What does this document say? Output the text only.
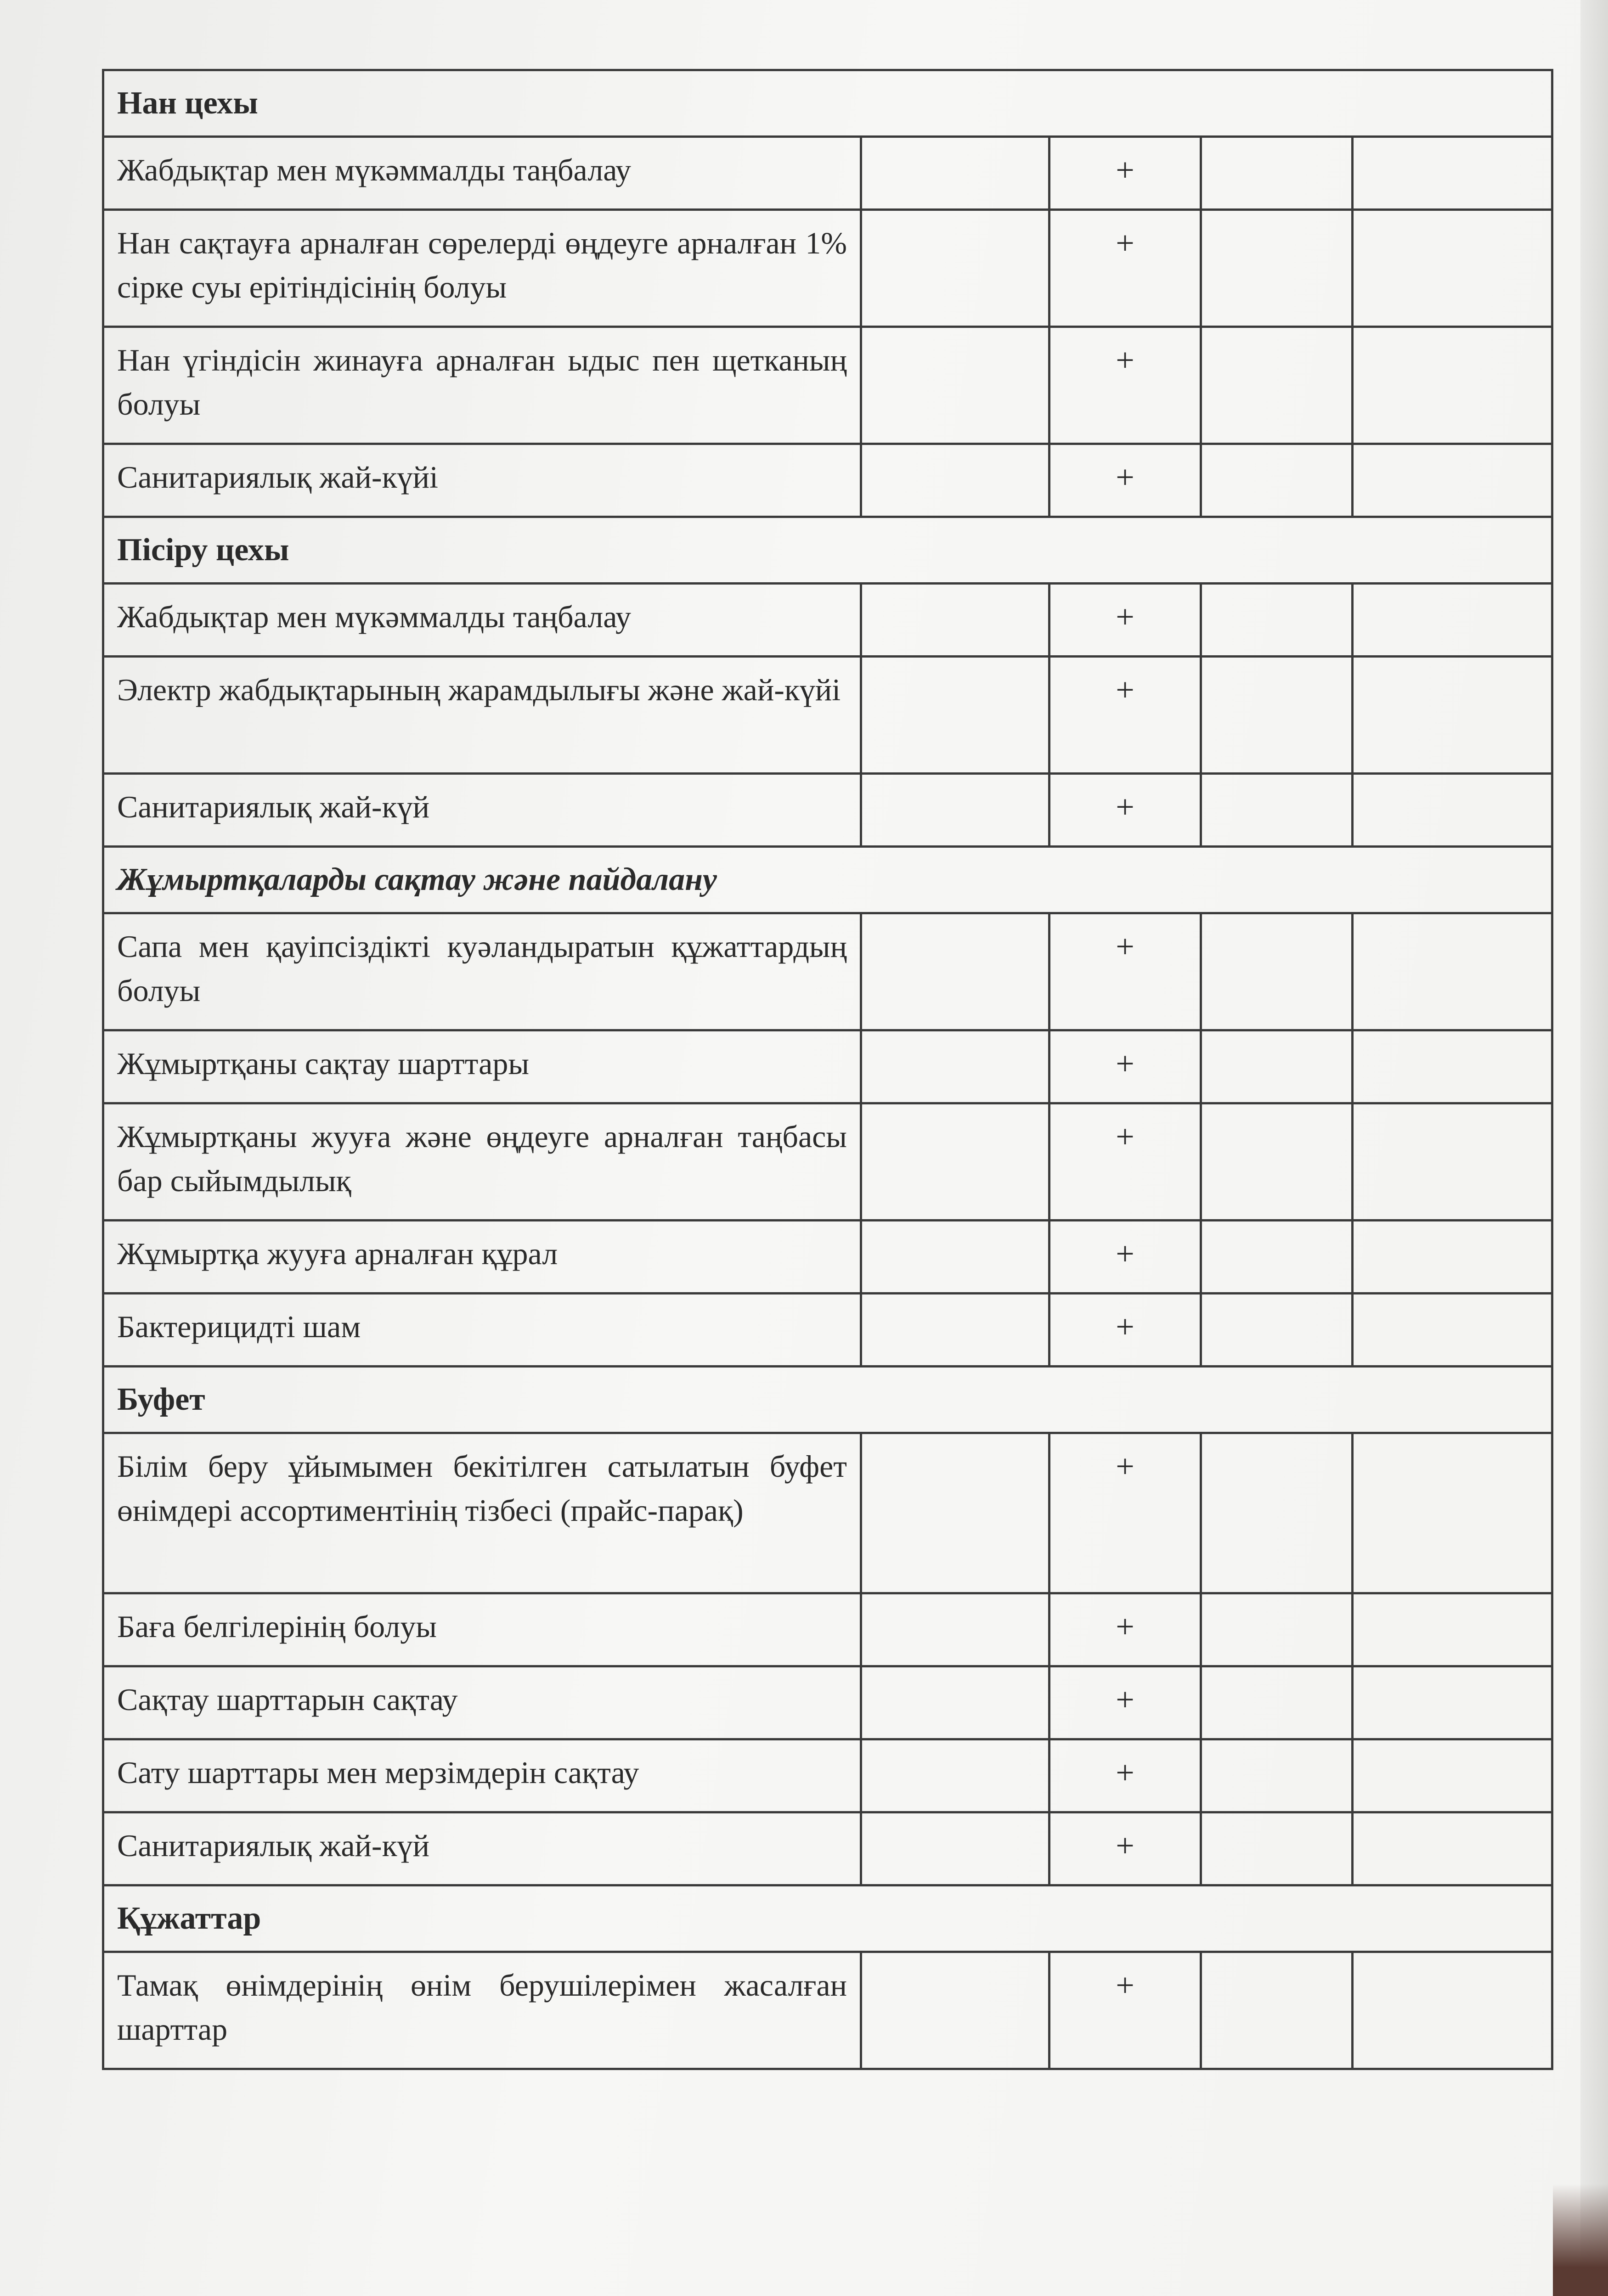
Нан цехы				
Жабдықтар мен мүкәммалды таңбалау		+		
Нан сақтауға арналған сөрелерді өңдеуге арналған 1% сірке суы ерітіндісінің болуы		+		
Нан үгіндісін жинауға арналған ыдыс пен щетканың болуы		+		
Санитариялық жай-күйі		+		
Пісіру цехы				
Жабдықтар мен мүкәммалды таңбалау		+		
Электр жабдықтарының жарамдылығы және жай-күйі		+		
Санитариялық жай-күй		+		
Жұмыртқаларды сақтау және пайдалану				
Сапа мен қауіпсіздікті куәландыратын құжаттардың болуы		+		
Жұмыртқаны сақтау шарттары		+		
Жұмыртқаны жууға және өңдеуге арналған таңбасы бар сыйымдылық		+		
Жұмыртқа жууға арналған құрал		+		
Бактерицидті шам		+		
Буфет				
Білім беру ұйымымен бекітілген сатылатын буфет өнімдері ассортиментінің тізбесі (прайс-парақ)		+		
Баға белгілерінің болуы		+		
Сақтау шарттарын сақтау		+		
Сату шарттары мен мерзімдерін сақтау		+		
Санитариялық жай-күй		+		
Құжаттар				
Тамақ өнімдерінің өнім берушілерімен жасалған шарттар		+		
